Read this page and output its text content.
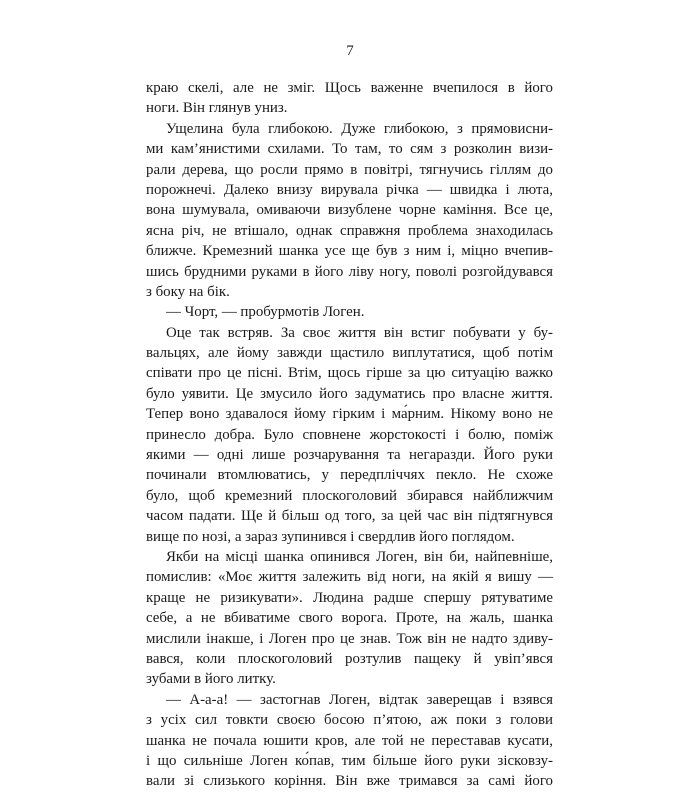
7
краю скелі, але не зміг. Щось важенне вчепилося в його
ноги. Він глянув униз.
Ущелина була глибокою. Дуже глибокою, з прямовисни-
ми кам’янистими схилами. То там, то сям з розколин визи-
рали дерева, що росли прямо в повітрі, тягнучись гіллям до
порожнечі. Далеко внизу вирувала річка — швидка і люта,
вона шумувала, омиваючи визублене чорне каміння. Все це,
ясна річ, не втішало, однак справжня проблема знаходилась
ближче. Кремезний шанка усе ще був з ним і, міцно вчепив-
шись брудними руками в його ліву ногу, поволі розгойдувався
з боку на бік.
— Чорт, — пробурмотів Логен.
Оце так встряв. За своє життя він встиг побувати у бу-
вальцях, але йому завжди щастило виплутатися, щоб потім
співати про це пісні. Втім, щось гірше за цю ситуацію важко
було уявити. Це змусило його задуматись про власне життя.
Тепер воно здавалося йому гірким і ма́рним. Нікому воно не
принесло добра. Було сповнене жорстокості і болю, поміж
якими — одні лише розчарування та негаразди. Його руки
починали втомлюватись, у передпліччях пекло. Не схоже
було, щоб кремезний плоскоголовий збирався найближчим
часом падати. Ще й більш од того, за цей час він підтягнувся
вище по нозі, а зараз зупинився і свердлив його поглядом.
Якби на місці шанка опинився Логен, він би, найпевніше,
помислив: «Моє життя залежить від ноги, на якій я вишу —
краще не ризикувати». Людина радше спершу рятуватиме
себе, а не вбиватиме свого ворога. Проте, на жаль, шанка
мислили інакше, і Логен про це знав. Тож він не надто здиву-
вався, коли плоскоголовий розтулив пащеку й увіп’явся
зубами в його литку.
— А-а-а! — застогнав Логен, відтак заверещав і взявся
з усіх сил товкти своєю босою п’ятою, аж поки з голови
шанка не почала юшити кров, але той не переставав кусати,
і що сильніше Логен ко́пав, тим більше його руки зісковзу-
вали зі слизького коріння. Він вже тримався за самі його
